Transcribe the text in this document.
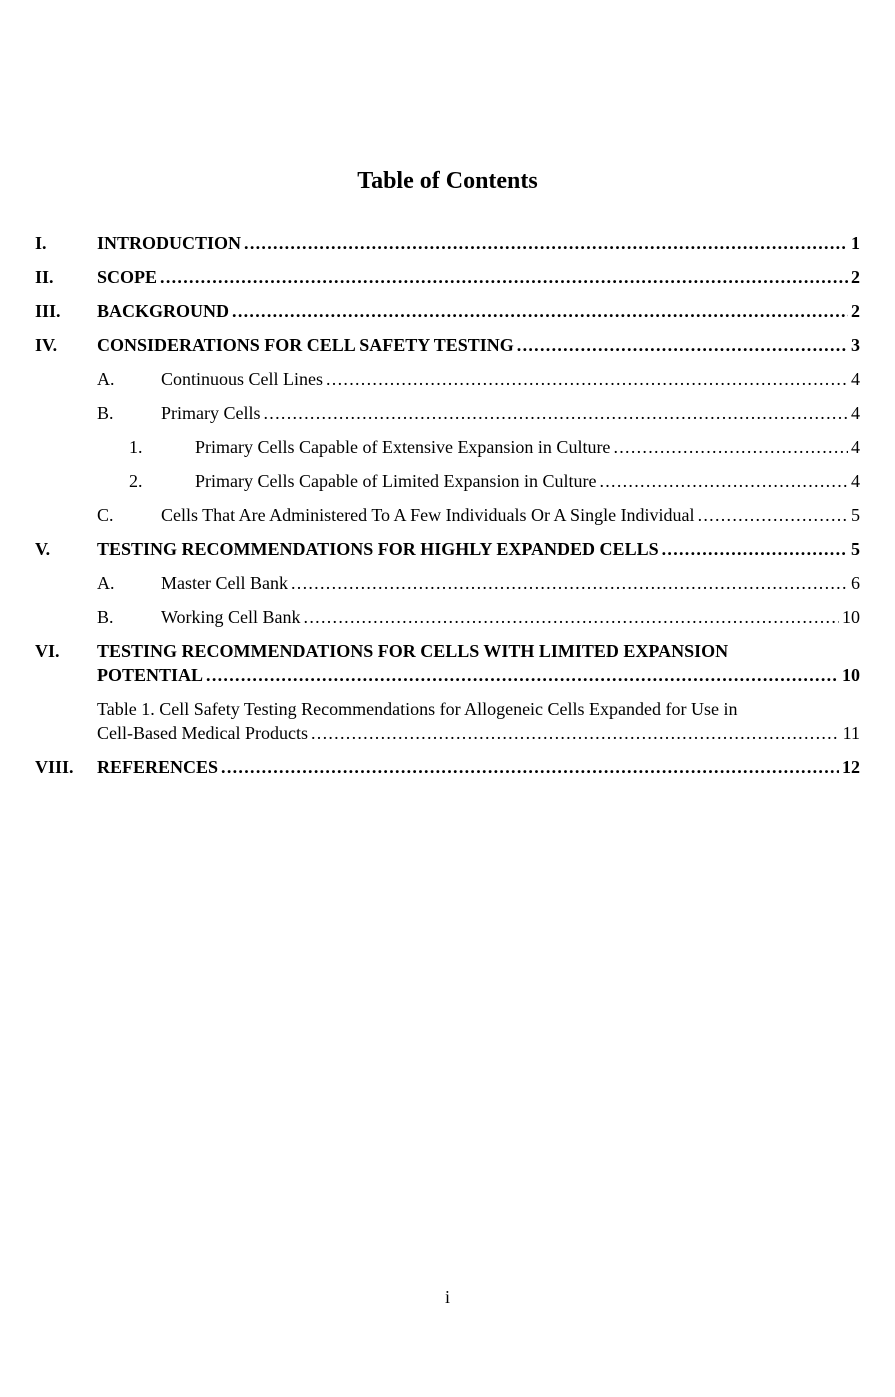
Table of Contents
I.	INTRODUCTION .....	1
II.	SCOPE .....	2
III.	BACKGROUND .....	2
IV.	CONSIDERATIONS FOR CELL SAFETY TESTING .....	3
A.	Continuous Cell Lines .....	4
B.	Primary Cells .....	4
1.	Primary Cells Capable of Extensive Expansion in Culture .....	4
2.	Primary Cells Capable of Limited Expansion in Culture .....	4
C.	Cells That Are Administered To A Few Individuals Or A Single Individual .....	5
V.	TESTING RECOMMENDATIONS FOR HIGHLY EXPANDED CELLS .....	5
A.	Master Cell Bank .....	6
B.	Working Cell Bank .....	10
VI.	TESTING RECOMMENDATIONS FOR CELLS WITH LIMITED EXPANSION
POTENTIAL .....	10
Table 1. Cell Safety Testing Recommendations for Allogeneic Cells Expanded for Use in
Cell-Based Medical Products .....	11
VIII.	REFERENCES .....	12
i
